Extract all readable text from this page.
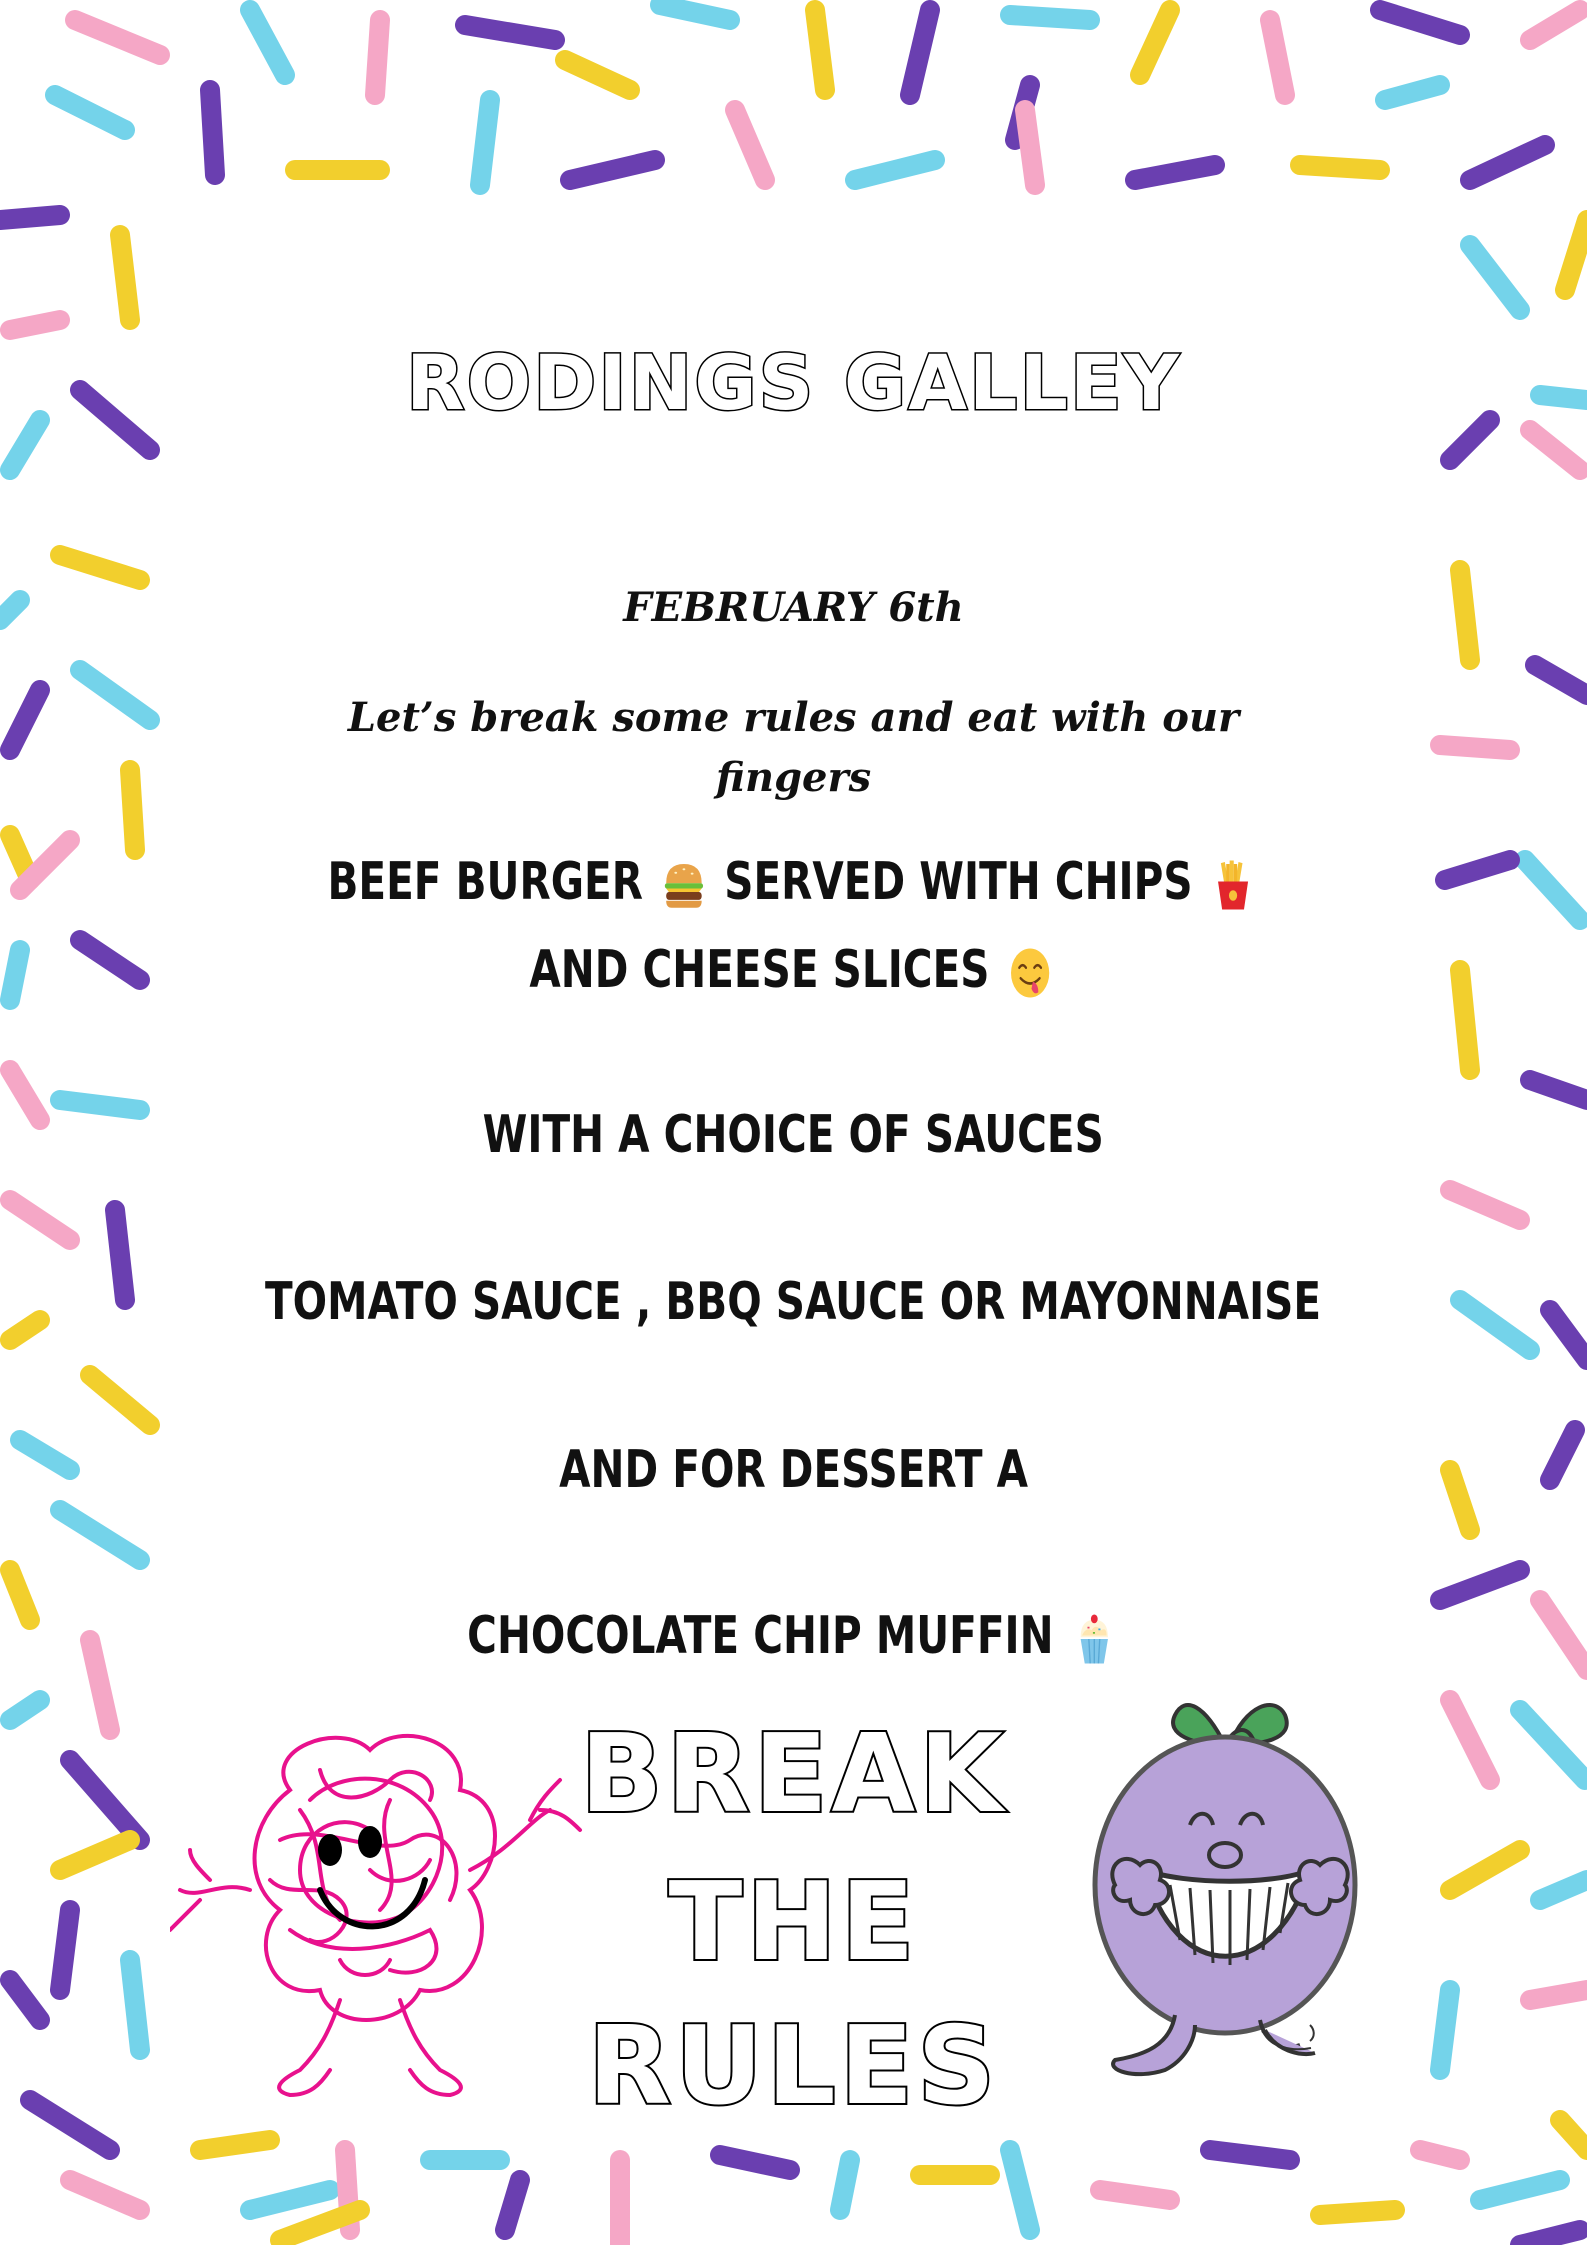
RODINGS GALLEY
FEBRUARY 6th
Let’s break some rules and eat with our
fingers
BEEF BURGER SERVED WITH CHIPS
AND CHEESE SLICES
WITH A CHOICE OF SAUCES
TOMATO SAUCE , BBQ SAUCE OR MAYONNAISE
AND FOR DESSERT A
CHOCOLATE CHIP MUFFIN
BREAK
THE
RULES
